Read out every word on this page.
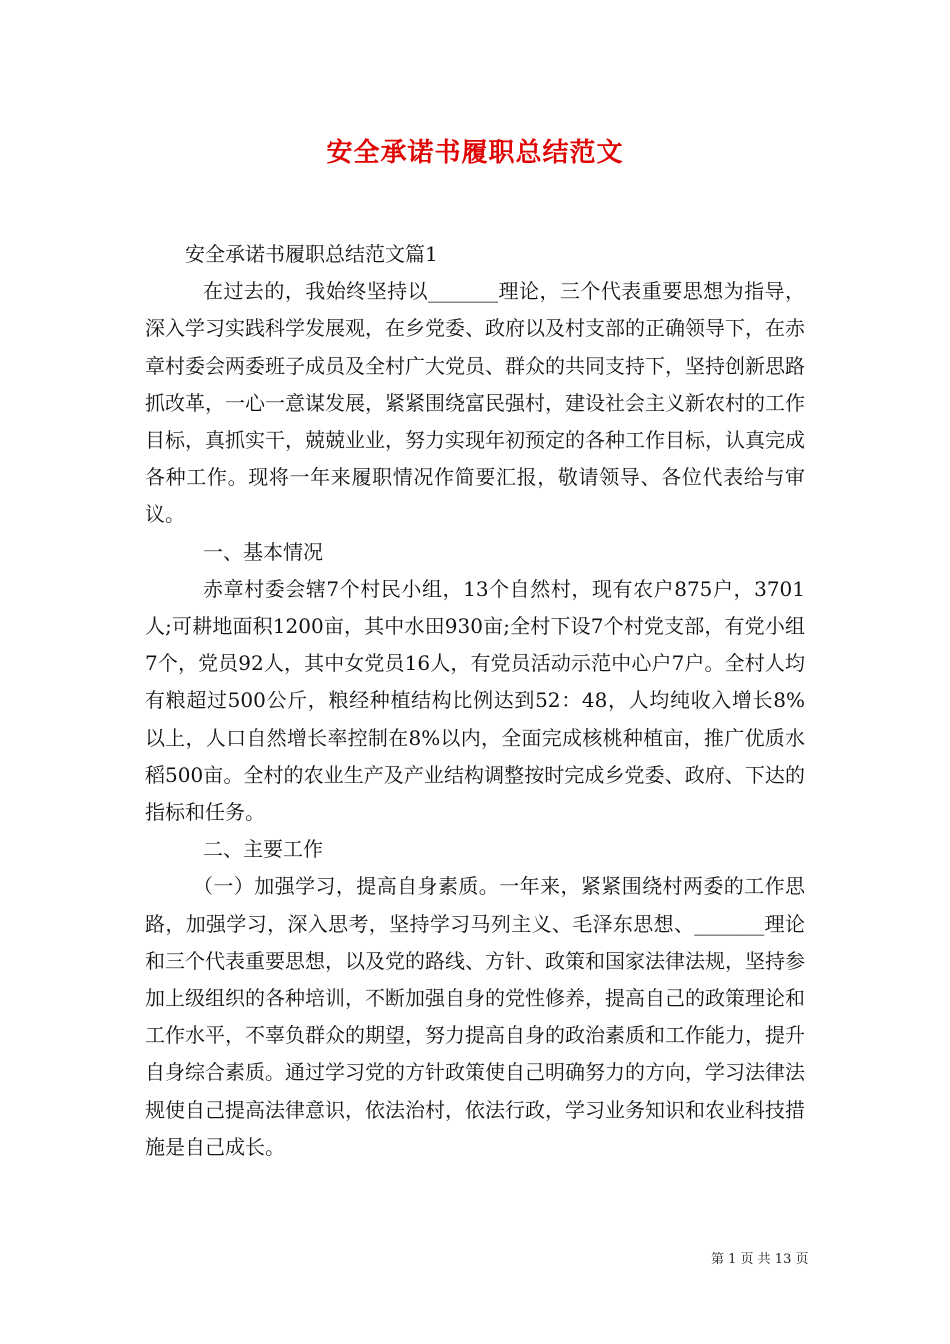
安全承诺书履职总结范文

安全承诺书履职总结范文篇1

在过去的，我始终坚持以_______理论，三个代表重要思想为指导，深入学习实践科学发展观，在乡党委、政府以及村支部的正确领导下，在赤章村委会两委班子成员及全村广大党员、群众的共同支持下，坚持创新思路抓改革，一心一意谋发展，紧紧围绕富民强村，建设社会主义新农村的工作目标，真抓实干，兢兢业业，努力实现年初预定的各种工作目标，认真完成各种工作。现将一年来履职情况作简要汇报，敬请领导、各位代表给与审议。

一、基本情况

赤章村委会辖7个村民小组，13个自然村，现有农户875户，3701人;可耕地面积1200亩，其中水田930亩;全村下设7个村党支部，有党小组7个，党员92人，其中女党员16人，有党员活动示范中心户7户。全村人均有粮超过500公斤，粮经种植结构比例达到52：48，人均纯收入增长8%以上，人口自然增长率控制在8%以内，全面完成核桃种植亩，推广优质水稻500亩。全村的农业生产及产业结构调整按时完成乡党委、政府、下达的指标和任务。

二、主要工作

（一）加强学习，提高自身素质。一年来，紧紧围绕村两委的工作思路，加强学习，深入思考，坚持学习马列主义、毛泽东思想、_______理论和三个代表重要思想，以及党的路线、方针、政策和国家法律法规，坚持参加上级组织的各种培训，不断加强自身的党性修养，提高自己的政策理论和工作水平，不辜负群众的期望，努力提高自身的政治素质和工作能力，提升自身综合素质。通过学习党的方针政策使自己明确努力的方向，学习法律法规使自己提高法律意识，依法治村，依法行政，学习业务知识和农业科技措施是自己成长。

第 1 页 共 13 页
